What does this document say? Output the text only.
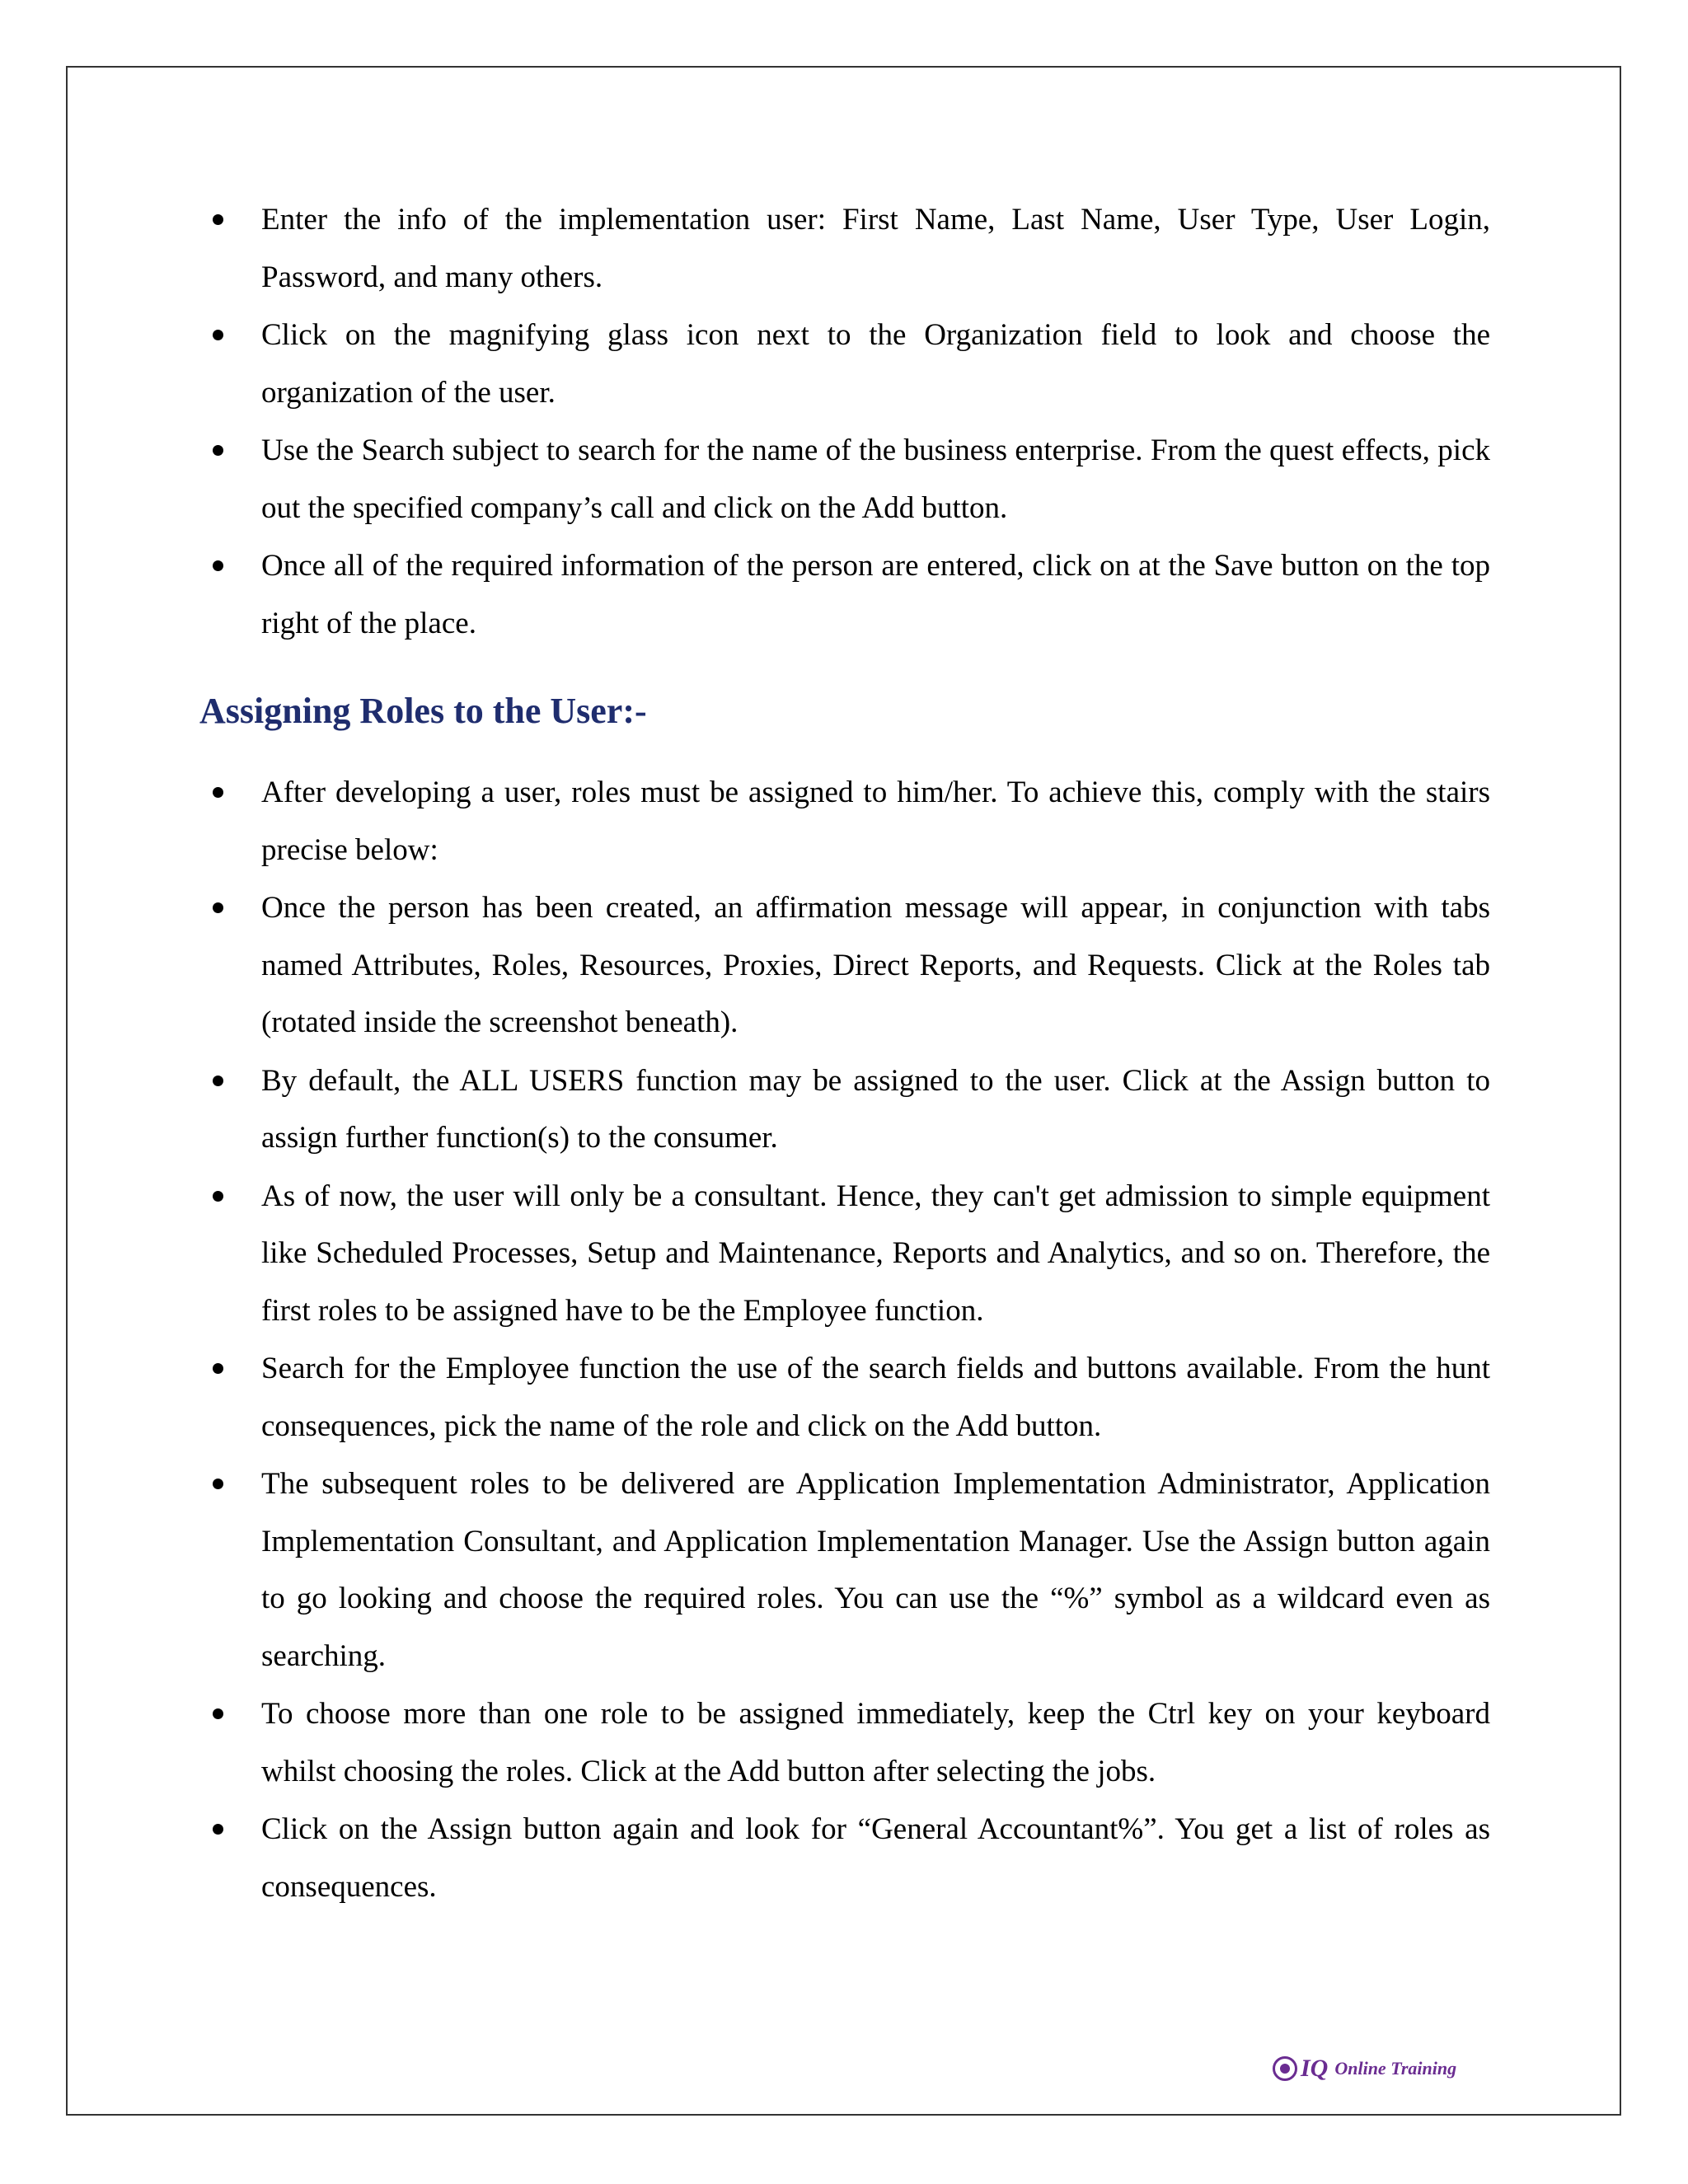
Enter the info of the implementation user: First Name, Last Name, User Type, User Login, Password, and many others.
Click on the magnifying glass icon next to the Organization field to look and choose the organization of the user.
Use the Search subject to search for the name of the business enterprise. From the quest effects, pick out the specified company’s call and click on the Add button.
Once all of the required information of the person are entered, click on at the Save button on the top right of the place.
Assigning Roles to the User:-
After developing a user, roles must be assigned to him/her. To achieve this, comply with the stairs precise below:
Once the person has been created, an affirmation message will appear, in conjunction with tabs named Attributes, Roles, Resources, Proxies, Direct Reports, and Requests. Click at the Roles tab (rotated inside the screenshot beneath).
By default, the ALL USERS function may be assigned to the user. Click at the Assign button to assign further function(s) to the consumer.
As of now, the user will only be a consultant. Hence, they can't get admission to simple equipment like Scheduled Processes, Setup and Maintenance, Reports and Analytics, and so on. Therefore, the first roles to be assigned have to be the Employee function.
Search for the Employee function the use of the search fields and buttons available. From the hunt consequences, pick the name of the role and click on the Add button.
The subsequent roles to be delivered are Application Implementation Administrator, Application Implementation Consultant, and Application Implementation Manager. Use the Assign button again to go looking and choose the required roles. You can use the “%” symbol as a wildcard even as searching.
To choose more than one role to be assigned immediately, keep the Ctrl key on your keyboard whilst choosing the roles. Click at the Add button after selecting the jobs.
Click on the Assign button again and look for “General Accountant%”. You get a list of roles as consequences.
IQ Online Training
